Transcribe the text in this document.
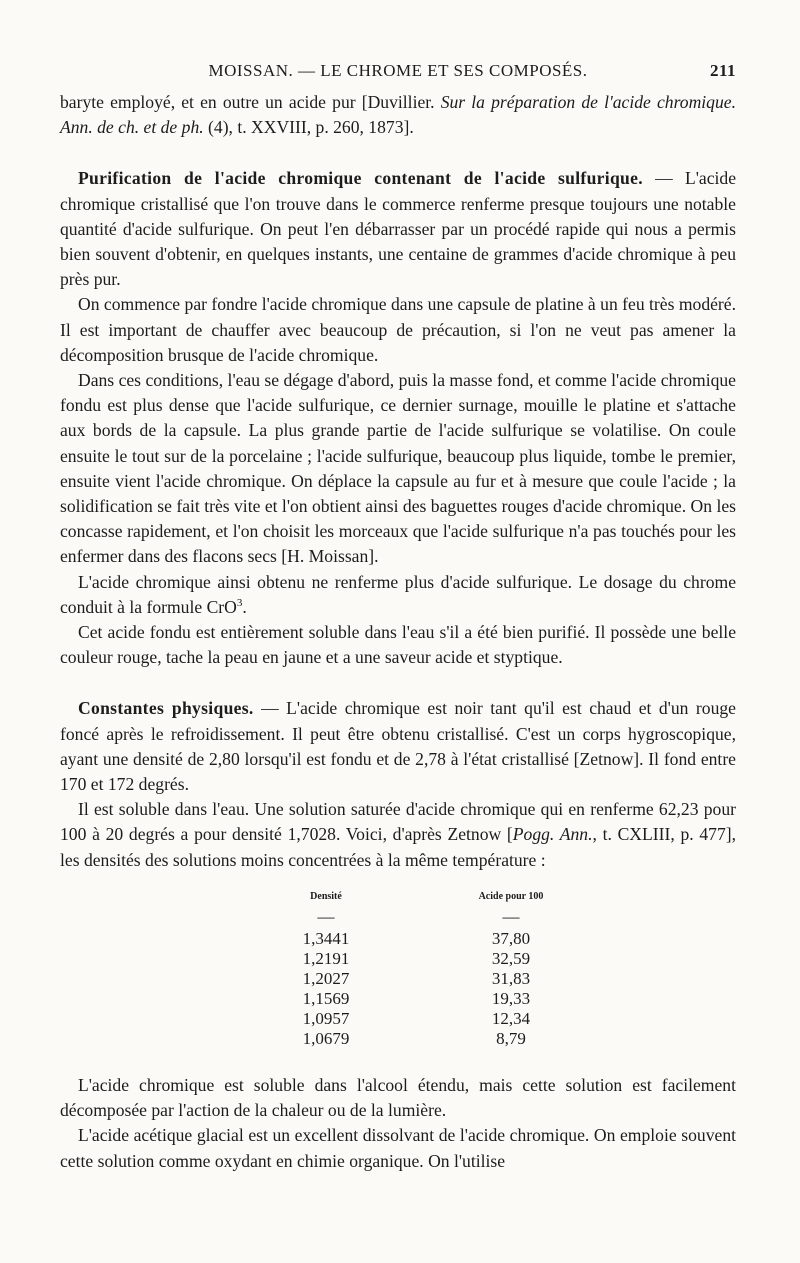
MOISSAN. — LE CHROME ET SES COMPOSÉS.	211

baryte employé, et en outre un acide pur [Duvillier. Sur la préparation de l'acide chromique. Ann. de ch. et de ph. (4), t. XXVIII, p. 260, 1873].

Purification de l'acide chromique contenant de l'acide sulfurique. — L'acide chromique cristallisé que l'on trouve dans le commerce renferme presque toujours une notable quantité d'acide sulfurique. On peut l'en débarrasser par un procédé rapide qui nous a permis bien souvent d'obtenir, en quelques instants, une centaine de grammes d'acide chromique à peu près pur.

On commence par fondre l'acide chromique dans une capsule de platine à un feu très modéré. Il est important de chauffer avec beaucoup de précaution, si l'on ne veut pas amener la décomposition brusque de l'acide chromique.

Dans ces conditions, l'eau se dégage d'abord, puis la masse fond, et comme l'acide chromique fondu est plus dense que l'acide sulfurique, ce dernier surnage, mouille le platine et s'attache aux bords de la capsule. La plus grande partie de l'acide sulfurique se volatilise. On coule ensuite le tout sur de la porcelaine ; l'acide sulfurique, beaucoup plus liquide, tombe le premier, ensuite vient l'acide chromique. On déplace la capsule au fur et à mesure que coule l'acide ; la solidification se fait très vite et l'on obtient ainsi des baguettes rouges d'acide chromique. On les concasse rapidement, et l'on choisit les morceaux que l'acide sulfurique n'a pas touchés pour les enfermer dans des flacons secs [H. Moissan].

L'acide chromique ainsi obtenu ne renferme plus d'acide sulfurique. Le dosage du chrome conduit à la formule CrO$^3$.

Cet acide fondu est entièrement soluble dans l'eau s'il a été bien purifié. Il possède une belle couleur rouge, tache la peau en jaune et a une saveur acide et styptique.

Constantes physiques. — L'acide chromique est noir tant qu'il est chaud et d'un rouge foncé après le refroidissement. Il peut être obtenu cristallisé. C'est un corps hygroscopique, ayant une densité de 2,80 lorsqu'il est fondu et de 2,78 à l'état cristallisé [Zetnow]. Il fond entre 170 et 172 degrés.

Il est soluble dans l'eau. Une solution saturée d'acide chromique qui en renferme 62,23 pour 100 à 20 degrés a pour densité 1,7028. Voici, d'après Zetnow [Pogg. Ann., t. CXLIII, p. 477], les densités des solutions moins concentrées à la même température :

Densité	Acide pour 100
—	—
1,3441	37,80
1,2191	32,59
1,2027	31,83
1,1569	19,33
1,0957	12,34
1,0679	8,79

L'acide chromique est soluble dans l'alcool étendu, mais cette solution est facilement décomposée par l'action de la chaleur ou de la lumière.

L'acide acétique glacial est un excellent dissolvant de l'acide chromique. On emploie souvent cette solution comme oxydant en chimie organique. On l'utilise
